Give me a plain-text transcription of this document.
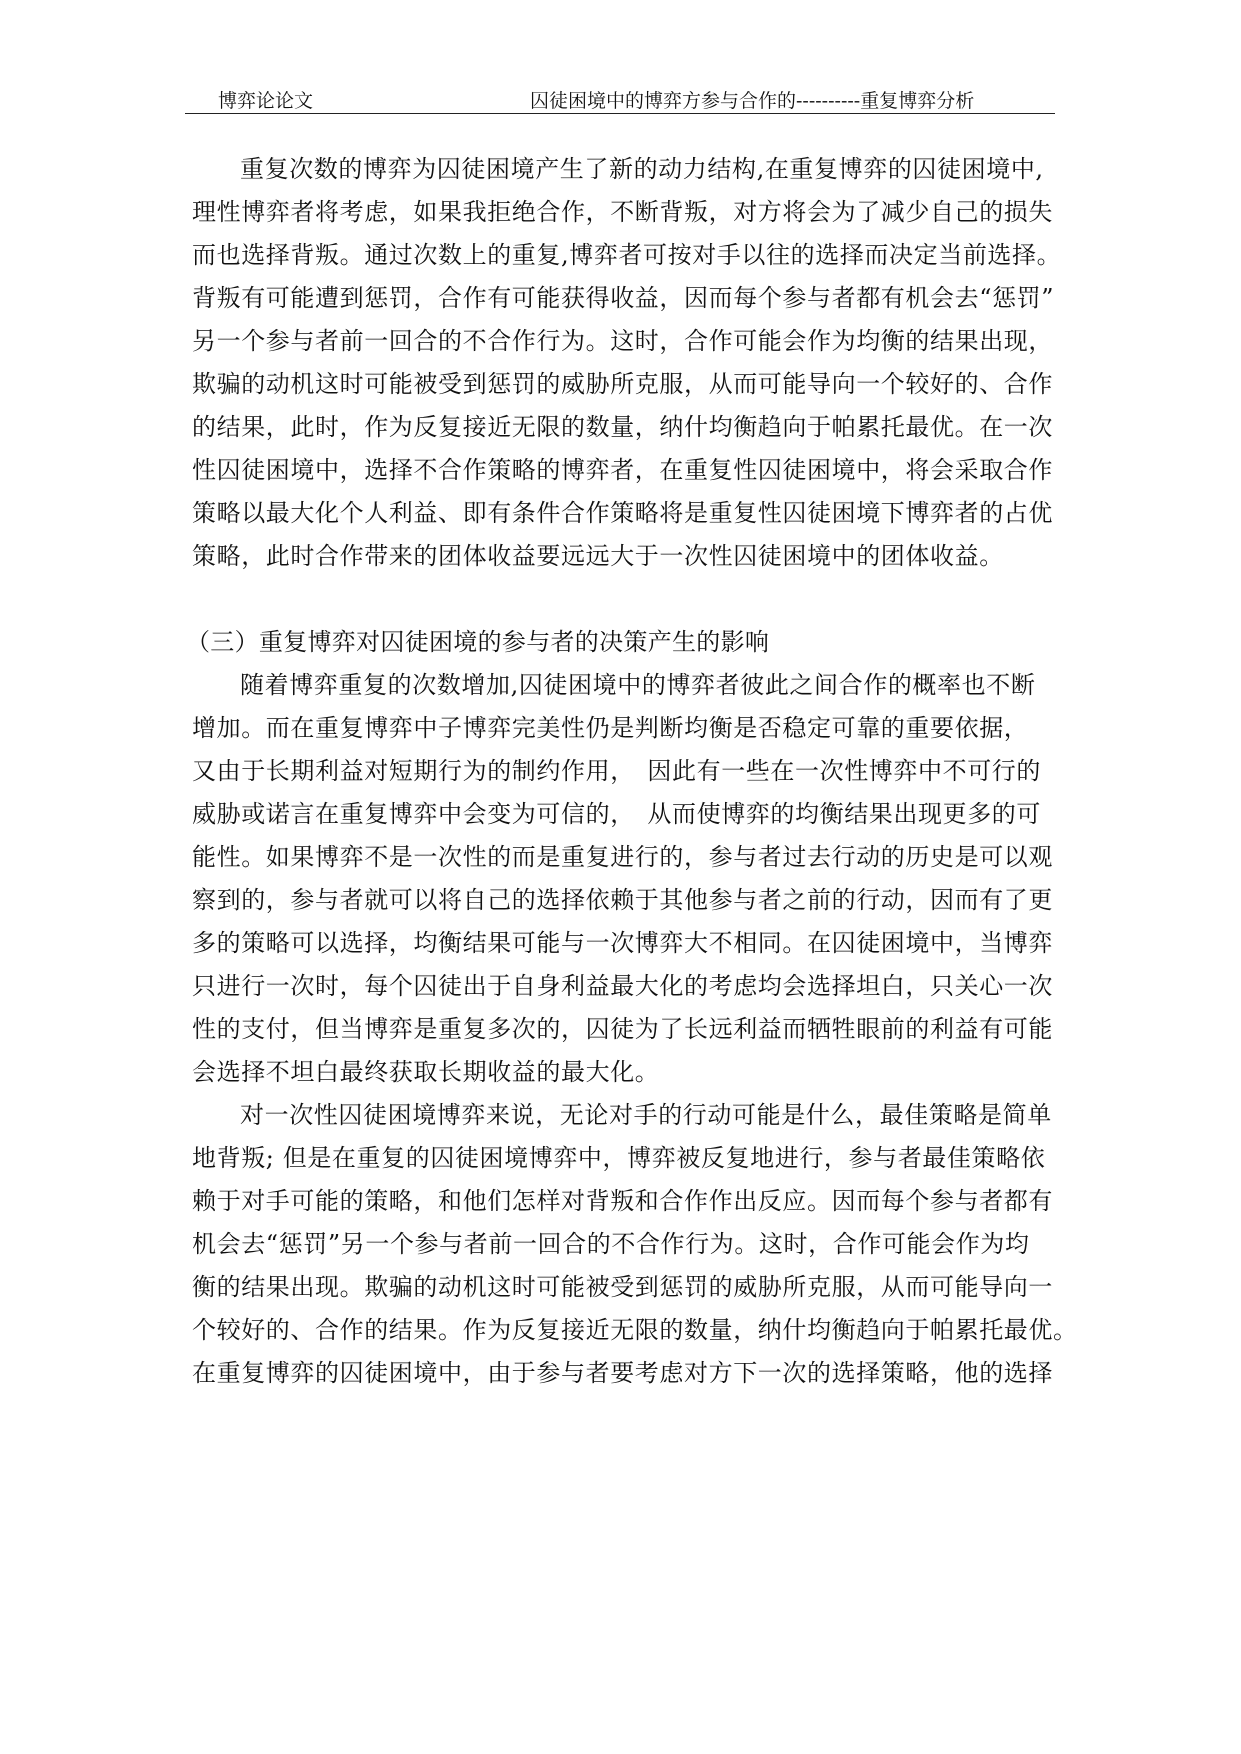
博弈论论文	囚徒困境中的博弈方参与合作的----------重复博弈分析
重复次数的博弈为囚徒困境产生了新的动力结构,在重复博弈的囚徒困境中,
理性博弈者将考虑，如果我拒绝合作，不断背叛，对方将会为了减少自己的损失
而也选择背叛。通过次数上的重复,博弈者可按对手以往的选择而决定当前选择。
背叛有可能遭到惩罚，合作有可能获得收益，因而每个参与者都有机会去“惩罚”
另一个参与者前一回合的不合作行为。这时，合作可能会作为均衡的结果出现，
欺骗的动机这时可能被受到惩罚的威胁所克服，从而可能导向一个较好的、合作
的结果，此时，作为反复接近无限的数量，纳什均衡趋向于帕累托最优。在一次
性囚徒困境中，选择不合作策略的博弈者，在重复性囚徒困境中，将会采取合作
策略以最大化个人利益、即有条件合作策略将是重复性囚徒困境下博弈者的占优
策略，此时合作带来的团体收益要远远大于一次性囚徒困境中的团体收益。
（三）重复博弈对囚徒困境的参与者的决策产生的影响
随着博弈重复的次数增加,囚徒困境中的博弈者彼此之间合作的概率也不断
增加。而在重复博弈中子博弈完美性仍是判断均衡是否稳定可靠的重要依据，
又由于长期利益对短期行为的制约作用，　因此有一些在一次性博弈中不可行的
威胁或诺言在重复博弈中会变为可信的，　从而使博弈的均衡结果出现更多的可
能性。如果博弈不是一次性的而是重复进行的，参与者过去行动的历史是可以观
察到的，参与者就可以将自己的选择依赖于其他参与者之前的行动，因而有了更
多的策略可以选择，均衡结果可能与一次博弈大不相同。在囚徒困境中，当博弈
只进行一次时，每个囚徒出于自身利益最大化的考虑均会选择坦白，只关心一次
性的支付，但当博弈是重复多次的，囚徒为了长远利益而牺牲眼前的利益有可能
会选择不坦白最终获取长期收益的最大化。
对一次性囚徒困境博弈来说，无论对手的行动可能是什么，最佳策略是简单
地背叛; 但是在重复的囚徒困境博弈中，博弈被反复地进行，参与者最佳策略依
赖于对手可能的策略，和他们怎样对背叛和合作作出反应。因而每个参与者都有
机会去“惩罚”另一个参与者前一回合的不合作行为。这时，合作可能会作为均
衡的结果出现。欺骗的动机这时可能被受到惩罚的威胁所克服，从而可能导向一
个较好的、合作的结果。作为反复接近无限的数量，纳什均衡趋向于帕累托最优。
在重复博弈的囚徒困境中，由于参与者要考虑对方下一次的选择策略，他的选择
